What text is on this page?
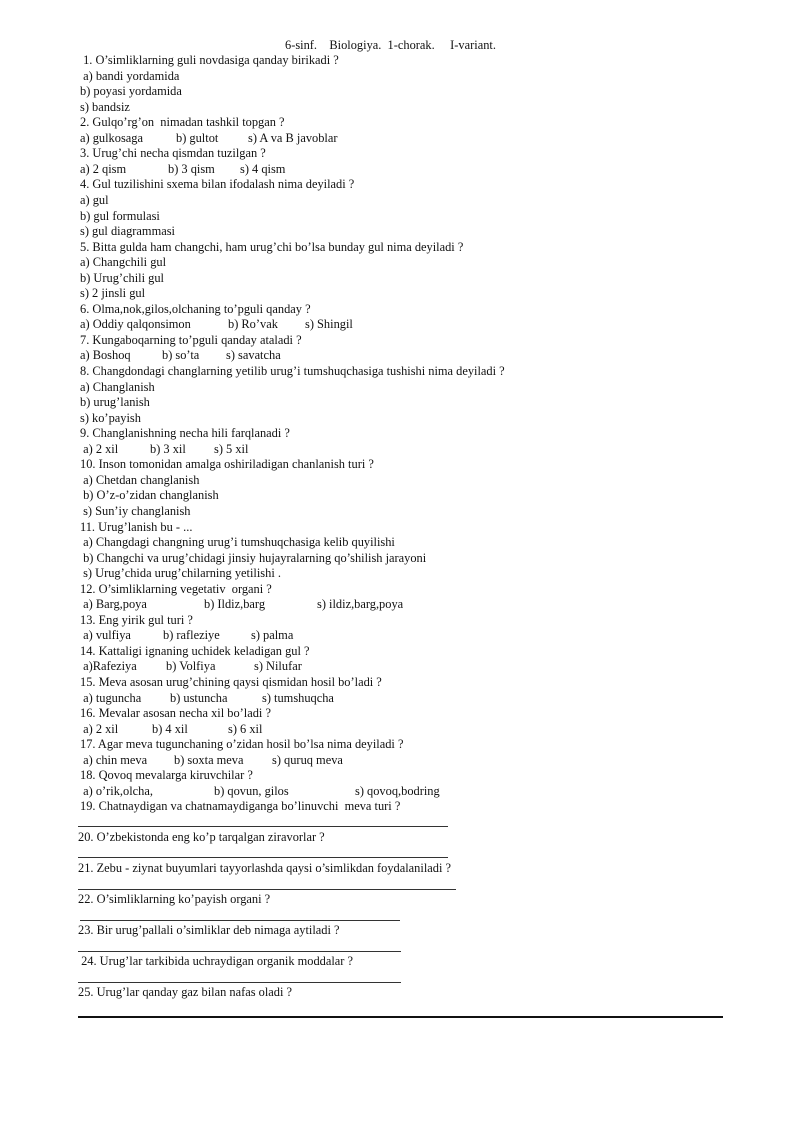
6-sinf.    Biologiya.  1-chorak.     I-variant.
1. O’simliklarning guli novdasiga qanday birikadi ?
a) bandi yordamida
b) poyasi yordamida
s) bandsiz
2. Gulqo’rg’on  nimadan tashkil topgan ?
a) gulkosaga	b) gultot s) A va B javoblar
3. Urug’chi necha qismdan tuzilgan ?
a) 2 qism	b) 3 qism s) 4 qism
4. Gul tuzilishini sxema bilan ifodalash nima deyiladi ?
a) gul
b) gul formulasi
s) gul diagrammasi
5. Bitta gulda ham changchi, ham urug’chi bo’lsa bunday gul nima deyiladi ?
a) Changchili gul
b) Urug’chili gul
s) 2 jinsli gul
6. Olma,nok,gilos,olchaning to’pguli qanday ?
a) Oddiy qalqonsimon	b) Ro’vak s) Shingil
7. Kungaboqarning to’pguli qanday ataladi ?
a) Boshoq	b) so’ta s) savatcha
8. Changdondagi changlarning yetilib urug’i tumshuqchasiga tushishi nima deyiladi ?
a) Changlanish
b) urug’lanish
s) ko’payish
9. Changlanishning necha hili farqlanadi ?
a) 2 xil	b) 3 xil s) 5 xil
10. Inson tomonidan amalga oshiriladigan chanlanish turi ?
a) Chetdan changlanish
b) O’z-o’zidan changlanish
s) Sun’iy changlanish
11. Urug’lanish bu - ...
a) Changdagi changning urug’i tumshuqchasiga kelib quyilishi
b) Changchi va urug’chidagi jinsiy hujayralarning qo’shilish jarayoni
s) Urug’chida urug’chilarning yetilishi .
12. O’simliklarning vegetativ  organi ?
a) Barg,poya	b) Ildiz,barg	s) ildiz,barg,poya
13. Eng yirik gul turi ?
a) vulfiya	b) rafleziye	s) palma
14. Kattaligi ignaning uchidek keladigan gul ?
a)Rafeziya b) Volfiya	s) Nilufar
15. Meva asosan urug’chining qaysi qismidan hosil bo’ladi ?
a) tuguncha b) ustuncha	s) tumshuqcha
16. Mevalar asosan necha xil bo’ladi ?
a) 2 xil	b) 4 xil	s) 6 xil
17. Agar meva tugunchaning o’zidan hosil bo’lsa nima deyiladi ?
a) chin meva b) soxta meva s) quruq meva
18. Qovoq mevalarga kiruvchilar ?
a) o’rik,olcha,	b) qovun, gilos	s) qovoq,bodring
19. Chatnaydigan va chatnamaydiganga bo’linuvchi  meva turi ?
20. O’zbekistonda eng ko’p tarqalgan ziravorlar ?
21. Zebu - ziynat buyumlari tayyorlashda qaysi o’simlikdan foydalaniladi ?
22. O’simliklarning ko’payish organi ?
23. Bir urug’pallali o’simliklar deb nimaga aytiladi ?
24. Urug’lar tarkibida uchraydigan organik moddalar ?
25. Urug’lar qanday gaz bilan nafas oladi ?
